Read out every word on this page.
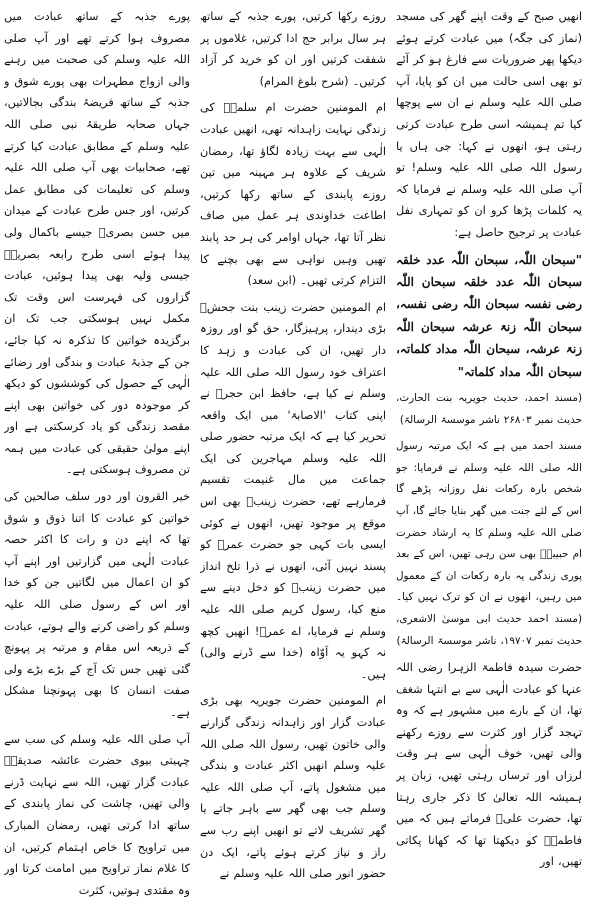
پورے جذبہ کے ساتھ عبادت میں مصروف ہوا کرتے تھے اور آپ صلی اللہ علیہ وسلم کی صحبت میں رہنے والی ازواج مطہرات بھی پورے شوق و جذبہ کے ساتھ فریضۂ بندگی بجالاتیں، جہاں صحابہ طریقۂ نبی صلی اللہ علیہ وسلم کے مطابق عبادت کیا کرتے تھے، صحابیات بھی آپ صلی اللہ علیہ وسلم کی تعلیمات کی مطابق عمل کرتیں، اور جس طرح عبادت کے میدان میں حسن بصریؒ جیسے باکمال ولی پیدا ہوئے اسی طرح رابعہ بصریہؒ جیسی ولیہ بھی پیدا ہوئیں، عبادت گزاروں کی فہرست اس وقت تک مکمل نہیں ہوسکتی جب تک ان برگزیدہ خواتین کا تذکرہ نہ کیا جائے، جن کے جذبۂ عبادت و بندگی اور رضائے الٰہی کے حصول کی کوششوں کو دیکھ کر موجودہ دور کی خواتین بھی اپنے مقصد زندگی کو یاد کرسکتی ہے اور اپنے مولیٰ حقیقی کی عبادت میں ہمہ تن مصروف ہوسکتی ہے۔

خیر القرون اور دور سلف صالحین کی خواتین کو عبادت کا اتنا ذوق و شوق تھا کہ اپنے دن و رات کا اکثر حصہ عبادت الٰہی میں گزارتیں اور اپنے آپ کو ان اعمال میں لگاتیں جن کو خدا اور اس کے رسول صلی اللہ علیہ وسلم کو راضی کرنے والے ہوتے، عبادت کے ذریعہ اس مقام و مرتبہ پر پہونچ گئی تھیں جس تک آج کے بڑے بڑے ولی صفت انسان کا بھی پہونچنا مشکل ہے۔

آپ صلی اللہ علیہ وسلم کی سب سے چہیتی بیوی حضرت عائشہ صدیقہؓ عبادت گزار تھیں، اللہ سے نہایت ڈرنے والی تھیں، چاشت کی نماز پابندی کے ساتھ ادا کرتی تھیں، رمضان المبارک میں تراویح کا خاص اہتمام کرتیں، ان کا غلام نماز تراویح میں امامت کرتا اور وہ مقتدی ہوتیں، کثرت

روزے رکھا کرتیں، پورے جذبہ کے ساتھ ہر سال برابر حج ادا کرتیں، غلاموں پر شفقت کرتیں اور ان کو خرید کر آزاد کرتیں۔ (شرح بلوغ المرام)

ام المومنین حضرت ام سلمہؓ کی زندگی نہایت زاہدانہ تھی، انھیں عبادت الٰہی سے بہت زیادہ لگاؤ تھا، رمضان شریف کے علاوہ ہر مہینہ میں تین روزے پابندی کے ساتھ رکھا کرتیں، اطاعت خداوندی ہر عمل میں صاف نظر آتا تھا، جہاں اوامر کی ہر حد پابند تھیں وہیں نواہی سے بھی بچنے کا التزام کرتی تھیں۔ (ابن سعد)

ام المومنین حضرت زینب بنت جحشؓ بڑی دیندار، پرہیزگار، حق گو اور روزہ دار تھیں، ان کی عبادت و زہد کا اعتراف خود رسول اللہ صلی اللہ علیہ وسلم نے کیا ہے، حافظ ابن حجرؒ نے اپنی کتاب 'الاصابۃ' میں ایک واقعہ تحریر کیا ہے کہ ایک مرتبہ حضور صلی اللہ علیہ وسلم مہاجرین کی ایک جماعت میں مال غنیمت تقسیم فرمارہے تھے، حضرت زینبؓ بھی اس موقع پر موجود تھیں، انھوں نے کوئی ایسی بات کہی جو حضرت عمرؓ کو پسند نہیں آئی، انھوں نے ذرا تلخ انداز میں حضرت زینبؓ کو دخل دینے سے منع کیا، رسول کریم صلی اللہ علیہ وسلم نے فرمایا، اے عمرؓ! انھیں کچھ نہ کہو یہ اَوّاہ (خدا سے ڈرنے والی) ہیں۔

ام المومنین حضرت جویریہ بھی بڑی عبادت گزار اور زاہدانہ زندگی گزارنے والی خاتون تھیں، رسول اللہ صلی اللہ علیہ وسلم انھیں اکثر عبادت و بندگی میں مشغول پاتے، آپ صلی اللہ علیہ وسلم جب بھی گھر سے باہر جاتے یا گھر تشریف لاتے تو انھیں اپنے رب سے راز و نیاز کرتے ہوئے پاتے، ایک دن حضور انور صلی اللہ علیہ وسلم نے

انھیں صبح کے وقت اپنے گھر کی مسجد (نماز کی جگہ) میں عبادت کرتے ہوئے دیکھا پھر ضروریات سے فارغ ہو کر آئے تو بھی اسی حالت میں ان کو پایا، آپ صلی اللہ علیہ وسلم نے ان سے پوچھا کیا تم ہمیشہ اسی طرح عبادت کرتی رہتی ہو، انھوں نے کہا: جی ہاں یا رسول اللہ صلی اللہ علیہ وسلم! تو آپ صلی اللہ علیہ وسلم نے فرمایا کہ یہ کلمات پڑھا کرو ان کو تمہاری نفل عبادت پر ترجیح حاصل ہے:

"سبحان اللّٰہ، سبحان اللّٰہ عدد خلقہ سبحان اللّٰہ عدد خلقہ سبحان اللّٰہ رضی نفسہ سبحان اللّٰہ رضی نفسہ، سبحان اللّٰہ زنۃ عرشہ سبحان اللّٰہ زنۃ عرشہ، سبحان اللّٰہ مداد کلماتہ، سبحان اللّٰہ مداد کلماتہ"

(مسند احمد، حدیث جویریہ بنت الحارث، حدیث نمبر ۲۶۸۰۳ ناشر موسسۃ الرسالۃ)

مسند احمد میں ہے کہ ایک مرتبہ رسول اللہ صلی اللہ علیہ وسلم نے فرمایا: جو شخص بارہ رکعات نفل روزانہ پڑھے گا اس کے لئے جنت میں گھر بنایا جائے گا، آپ صلی اللہ علیہ وسلم کا یہ ارشاد حضرت ام حبیبہؓ بھی سن رہی تھیں، اس کے بعد پوری زندگی یہ بارہ رکعات ان کے معمول میں رہیں، انھوں نے ان کو ترک نہیں کیا۔ (مسند احمد حدیث ابی موسیٰ الاشعری، حدیث نمبر ۱۹۷۰۷، ناشر موسسۃ الرسالۃ)

حضرت سیدہ فاطمۃ الزہرا رضی اللہ عنہا کو عبادت الٰہی سے بے انتہا شغف تھا، ان کے بارے میں مشہور ہے کہ وہ تہجد گزار اور کثرت سے روزے رکھنے والی تھیں، خوف الٰہی سے ہر وقت لرزاں اور ترساں رہتی تھیں، زبان پر ہمیشہ اللہ تعالیٰ کا ذکر جاری رہتا تھا، حضرت علیؓ فرماتے ہیں کہ میں فاطمہؓ کو دیکھتا تھا کہ کھانا پکاتی تھیں، اور
